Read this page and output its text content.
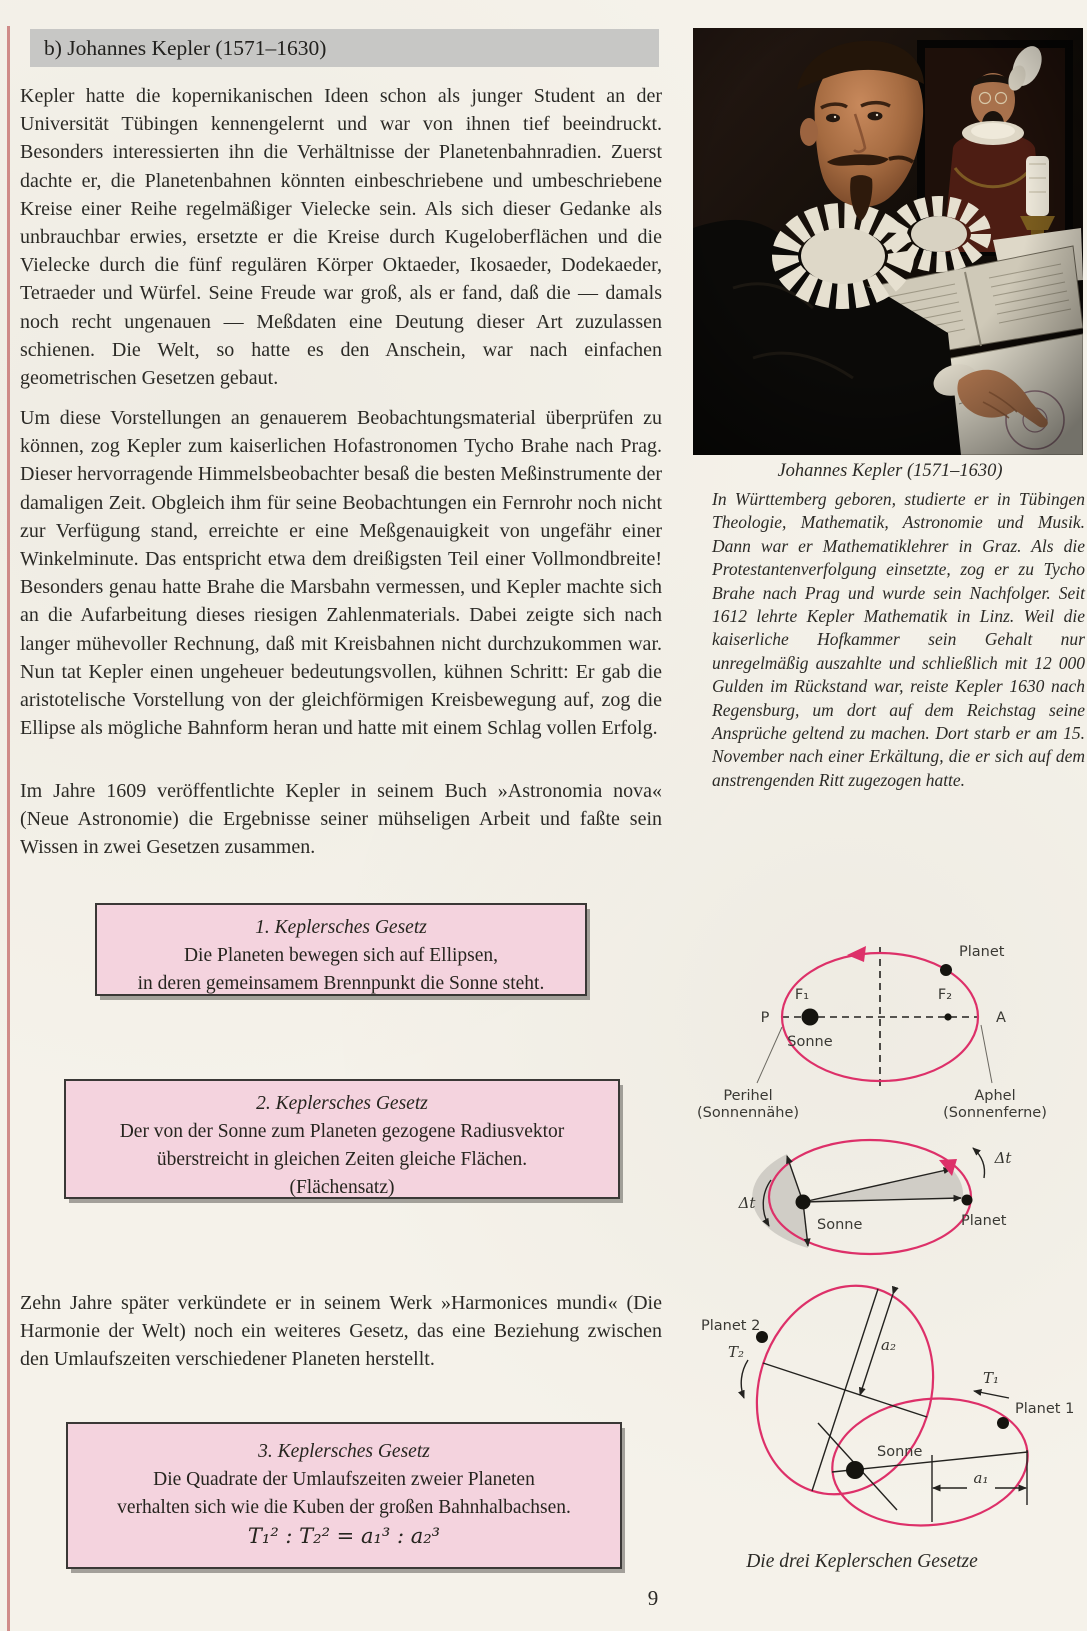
b) Johannes Kepler (1571–1630)
Kepler hatte die kopernikanischen Ideen schon als junger Student an der Universität Tübingen kennengelernt und war von ihnen tief beeindruckt. Besonders interessierten ihn die Verhältnisse der Planetenbahnradien. Zuerst dachte er, die Planetenbahnen könnten einbeschriebene und umbeschriebene Kreise einer Reihe regelmäßiger Vielecke sein. Als sich dieser Gedanke als unbrauchbar erwies, ersetzte er die Kreise durch Kugeloberflächen und die Vielecke durch die fünf regulären Körper Oktaeder, Ikosaeder, Dodekaeder, Tetraeder und Würfel. Seine Freude war groß, als er fand, daß die — damals noch recht ungenauen — Meßdaten eine Deutung dieser Art zuzulassen schienen. Die Welt, so hatte es den Anschein, war nach einfachen geometrischen Gesetzen gebaut.
Um diese Vorstellungen an genauerem Beobachtungsmaterial überprüfen zu können, zog Kepler zum kaiserlichen Hofastronomen Tycho Brahe nach Prag. Dieser hervorragende Himmelsbeobachter besaß die besten Meßinstrumente der damaligen Zeit. Obgleich ihm für seine Beobachtungen ein Fernrohr noch nicht zur Verfügung stand, erreichte er eine Meßgenauigkeit von ungefähr einer Winkelminute. Das entspricht etwa dem dreißigsten Teil einer Vollmondbreite! Besonders genau hatte Brahe die Marsbahn vermessen, und Kepler machte sich an die Aufarbeitung dieses riesigen Zahlenmaterials. Dabei zeigte sich nach langer mühevoller Rechnung, daß mit Kreisbahnen nicht durchzukommen war. Nun tat Kepler einen ungeheuer bedeutungsvollen, kühnen Schritt: Er gab die aristotelische Vorstellung von der gleichförmigen Kreisbewegung auf, zog die Ellipse als mögliche Bahnform heran und hatte mit einem Schlag vollen Erfolg.
Im Jahre 1609 veröffentlichte Kepler in seinem Buch »Astronomia nova« (Neue Astronomie) die Ergebnisse seiner mühseligen Arbeit und faßte sein Wissen in zwei Gesetzen zusammen.
Zehn Jahre später verkündete er in seinem Werk »Harmonices mundi« (Die Harmonie der Welt) noch ein weiteres Gesetz, das eine Beziehung zwischen den Umlaufszeiten verschiedener Planeten herstellt.
Johannes Kepler (1571–1630)
In Württemberg geboren, studierte er in Tübingen Theologie, Mathematik, Astronomie und Musik. Dann war er Mathematiklehrer in Graz. Als die Protestantenverfolgung einsetzte, zog er zu Tycho Brahe nach Prag und wurde sein Nachfolger. Seit 1612 lehrte Kepler Mathematik in Linz. Weil die kaiserliche Hofkammer sein Gehalt nur unregelmäßig auszahlte und schließlich mit 12 000 Gulden im Rückstand war, reiste Kepler 1630 nach Regensburg, um dort auf dem Reichstag seine Ansprüche geltend zu machen. Dort starb er am 15. November nach einer Erkältung, die er sich auf dem anstrengenden Ritt zugezogen hatte.
1. Keplersches Gesetz
Die Planeten bewegen sich auf Ellipsen,
in deren gemeinsamem Brennpunkt die Sonne steht.
2. Keplersches Gesetz
Der von der Sonne zum Planeten gezogene Radiusvektor
überstreicht in gleichen Zeiten gleiche Flächen.
(Flächensatz)
3. Keplersches Gesetz
Die Quadrate der Umlaufszeiten zweier Planeten
verhalten sich wie die Kuben der großen Bahnhalbachsen.
T₁² : T₂² = a₁³ : a₂³
F₁	F₂
P	A
Sonne
Planet
Perihel
(Sonnennähe)
Aphel
(Sonnenferne)
Δt
Δt
Sonne	Planet
Planet 2
T₂	a₂
T₁
Planet 1
Sonne
a₁
Die drei Keplerschen Gesetze
9
